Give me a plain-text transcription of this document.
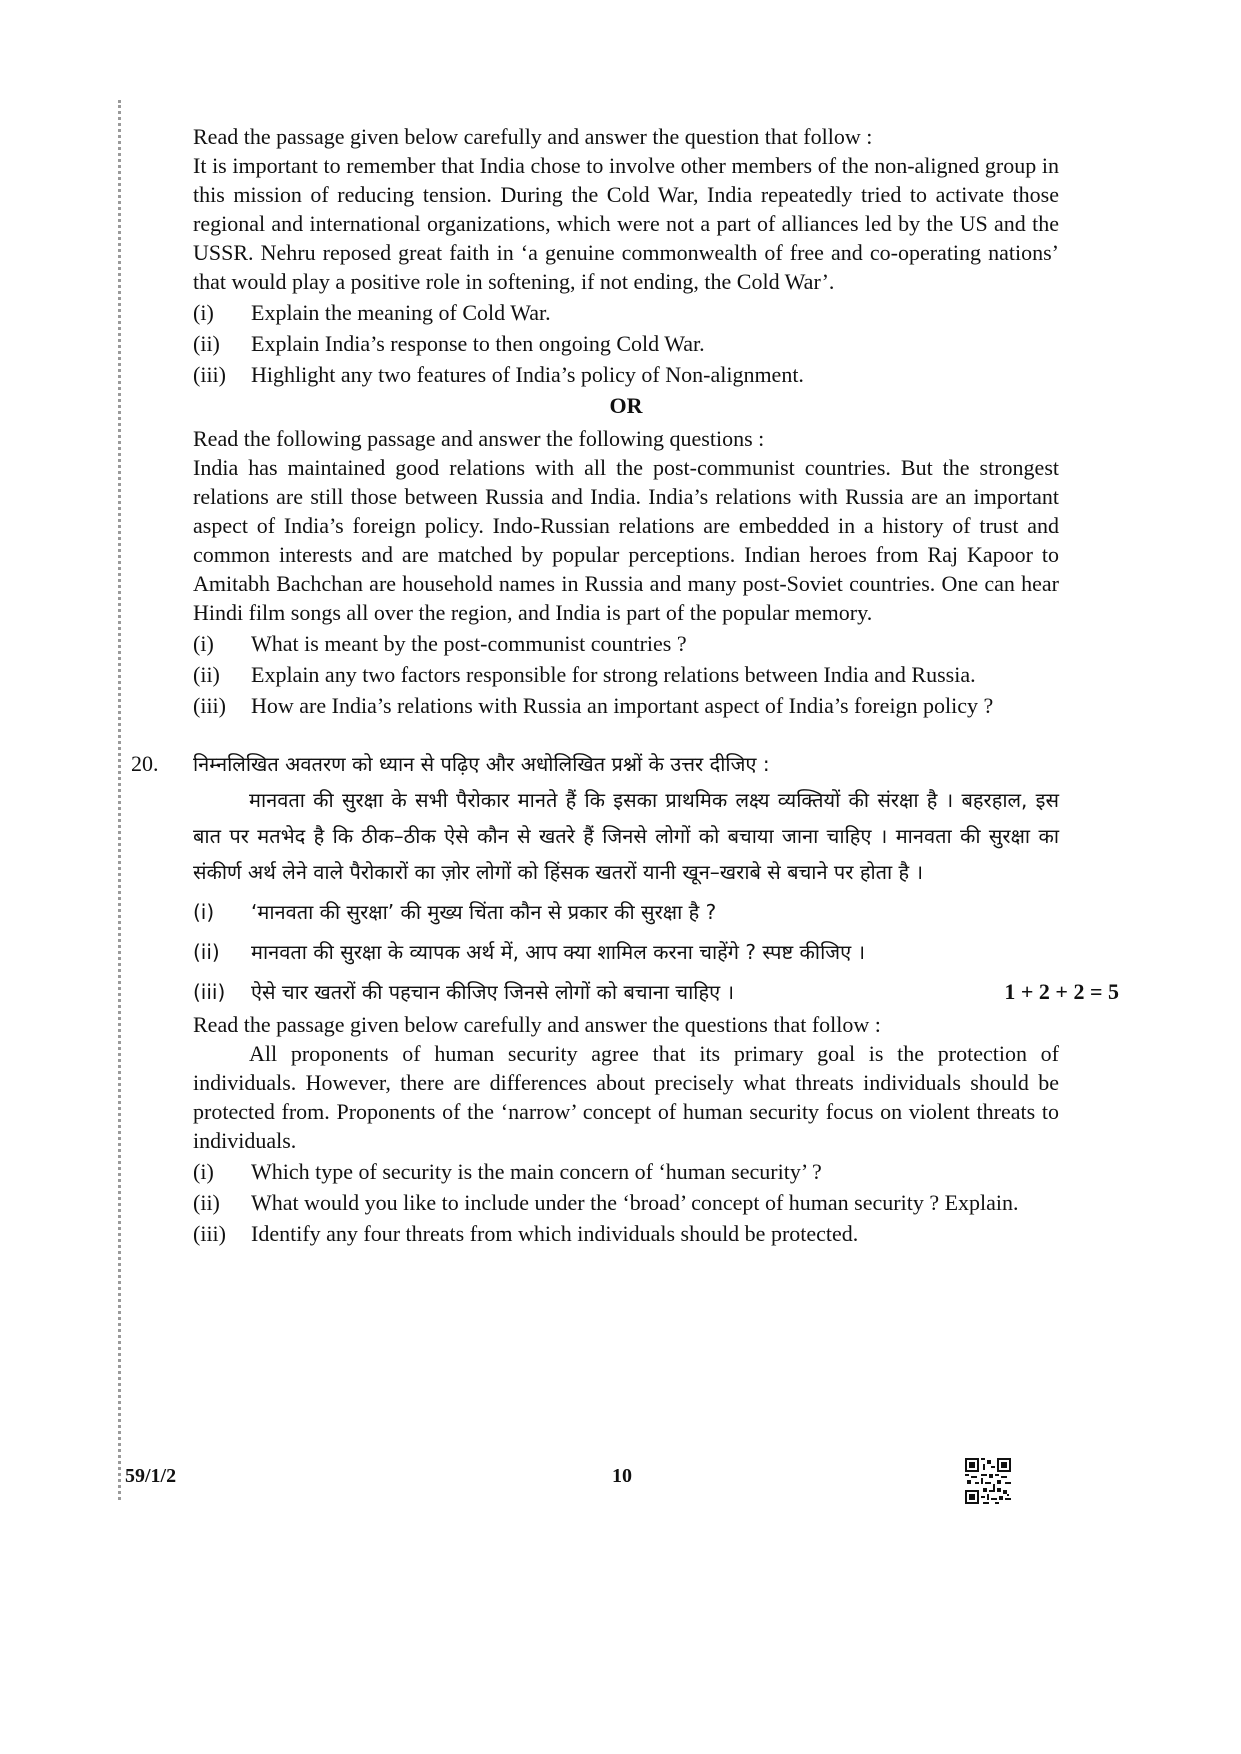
Read the passage given below carefully and answer the question that follow :

It is important to remember that India chose to involve other members of the non-aligned group in this mission of reducing tension. During the Cold War, India repeatedly tried to activate those regional and international organizations, which were not a part of alliances led by the US and the USSR. Nehru reposed great faith in ‘a genuine commonwealth of free and co-operating nations’ that would play a positive role in softening, if not ending, the Cold War’.

(i)	Explain the meaning of Cold War.
(ii)	Explain India’s response to then ongoing Cold War.
(iii)	Highlight any two features of India’s policy of Non-alignment.
OR

Read the following passage and answer the following questions :

India has maintained good relations with all the post-communist countries. But the strongest relations are still those between Russia and India. India’s relations with Russia are an important aspect of India’s foreign policy. Indo-Russian relations are embedded in a history of trust and common interests and are matched by popular perceptions. Indian heroes from Raj Kapoor to Amitabh Bachchan are household names in Russia and many post-Soviet countries. One can hear Hindi film songs all over the region, and India is part of the popular memory.

(i)	What is meant by the post-communist countries ?
(ii)	Explain any two factors responsible for strong relations between India and Russia.
(iii)	How are India’s relations with Russia an important aspect of India’s foreign policy ?
20. निम्नलिखित अवतरण को ध्यान से पढ़िए और अधोलिखित प्रश्नों के उत्तर दीजिए :

मानवता की सुरक्षा के सभी पैरोकार मानते हैं कि इसका प्राथमिक लक्ष्य व्यक्तियों की संरक्षा है । बहरहाल, इस बात पर मतभेद है कि ठीक–ठीक ऐसे कौन से खतरे हैं जिनसे लोगों को बचाया जाना चाहिए । मानवता की सुरक्षा का संकीर्ण अर्थ लेने वाले पैरोकारों का ज़ोर लोगों को हिंसक खतरों यानी खून–खराबे से बचाने पर होता है ।

(i)	‘मानवता की सुरक्षा’ की मुख्य चिंता कौन से प्रकार की सुरक्षा है ?
(ii)	मानवता की सुरक्षा के व्यापक अर्थ में, आप क्या शामिल करना चाहेंगे ? स्पष्ट कीजिए ।
(iii)	ऐसे चार खतरों की पहचान कीजिए जिनसे लोगों को बचाना चाहिए ।	1 + 2 + 2 = 5

Read the passage given below carefully and answer the questions that follow :

All proponents of human security agree that its primary goal is the protection of individuals. However, there are differences about precisely what threats individuals should be protected from. Proponents of the ‘narrow’ concept of human security focus on violent threats to individuals.

(i)	Which type of security is the main concern of ‘human security’ ?
(ii)	What would you like to include under the ‘broad’ concept of human security ? Explain.
(iii)	Identify any four threats from which individuals should be protected.
59/1/2	10
